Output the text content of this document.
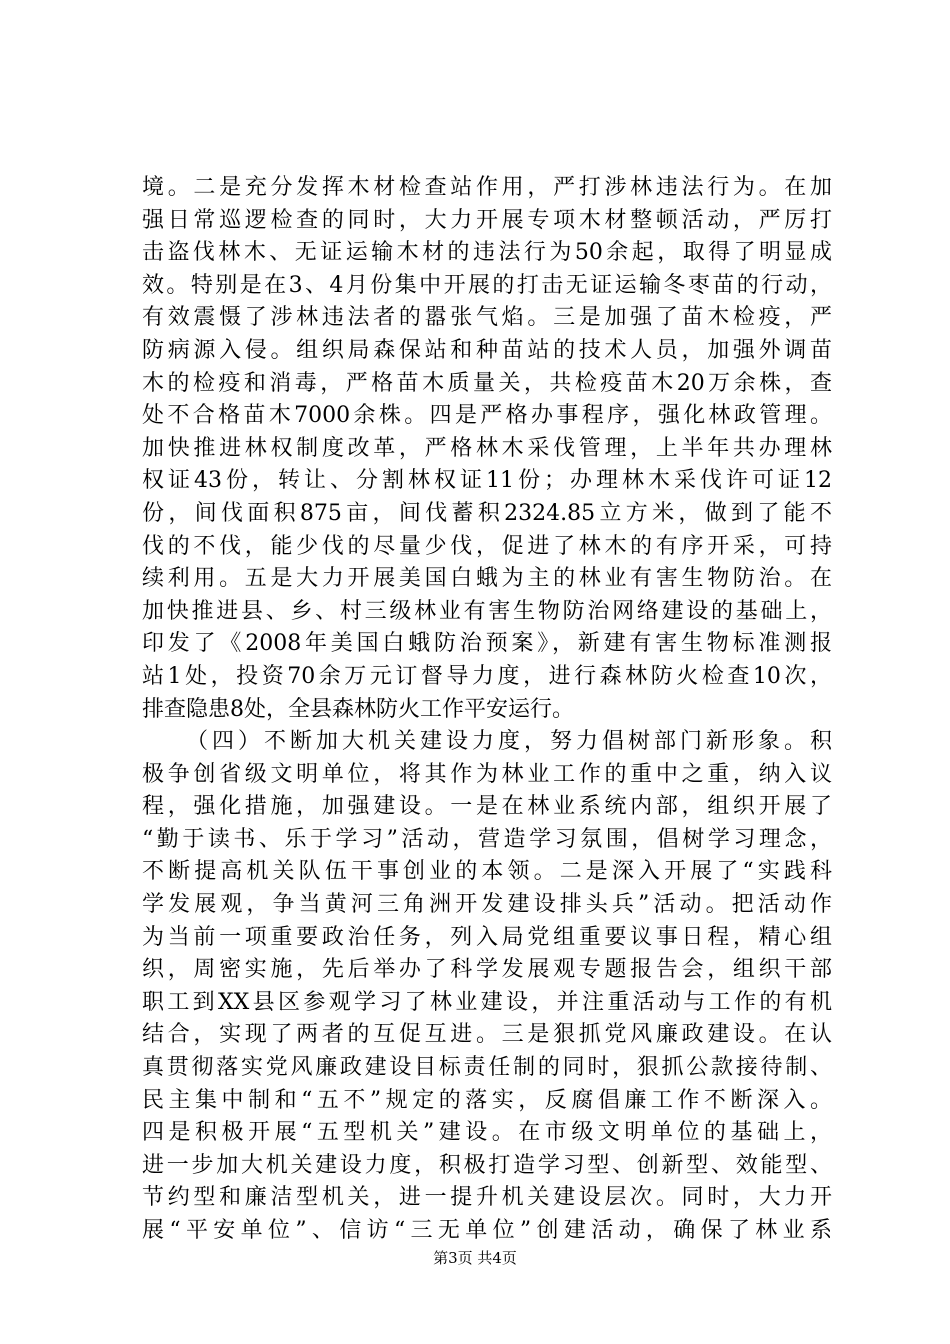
境。二是充分发挥木材检查站作用，严打涉林违法行为。在加
强日常巡逻检查的同时，大力开展专项木材整顿活动，严厉打
击盗伐林木、无证运输木材的违法行为50余起，取得了明显成
效。特别是在3、4月份集中开展的打击无证运输冬枣苗的行动，
有效震慑了涉林违法者的嚣张气焰。三是加强了苗木检疫，严
防病源入侵。组织局森保站和种苗站的技术人员，加强外调苗
木的检疫和消毒，严格苗木质量关，共检疫苗木20万余株，查
处不合格苗木7000余株。四是严格办事程序，强化林政管理。
加快推进林权制度改革，严格林木采伐管理，上半年共办理林
权证43份，转让、分割林权证11份；办理林木采伐许可证12
份，间伐面积875亩，间伐蓄积2324.85立方米，做到了能不
伐的不伐，能少伐的尽量少伐，促进了林木的有序开采，可持
续利用。五是大力开展美国白蛾为主的林业有害生物防治。在
加快推进县、乡、村三级林业有害生物防治网络建设的基础上，
印发了《2008年美国白蛾防治预案》，新建有害生物标准测报
站1处，投资70余万元订督导力度，进行森林防火检查10次，
排查隐患8处，全县森林防火工作平安运行。
（四）不断加大机关建设力度，努力倡树部门新形象。积
极争创省级文明单位，将其作为林业工作的重中之重，纳入议
程，强化措施，加强建设。一是在林业系统内部，组织开展了
“勤于读书、乐于学习”活动，营造学习氛围，倡树学习理念，
不断提高机关队伍干事创业的本领。二是深入开展了“实践科
学发展观，争当黄河三角洲开发建设排头兵”活动。把活动作
为当前一项重要政治任务，列入局党组重要议事日程，精心组
织，周密实施，先后举办了科学发展观专题报告会，组织干部
职工到XX县区参观学习了林业建设，并注重活动与工作的有机
结合，实现了两者的互促互进。三是狠抓党风廉政建设。在认
真贯彻落实党风廉政建设目标责任制的同时，狠抓公款接待制、
民主集中制和“五不”规定的落实，反腐倡廉工作不断深入。
四是积极开展“五型机关”建设。在市级文明单位的基础上，
进一步加大机关建设力度，积极打造学习型、创新型、效能型、
节约型和廉洁型机关，进一提升机关建设层次。同时，大力开
展“平安单位”、信访“三无单位”创建活动，确保了林业系
第3页 共4页
